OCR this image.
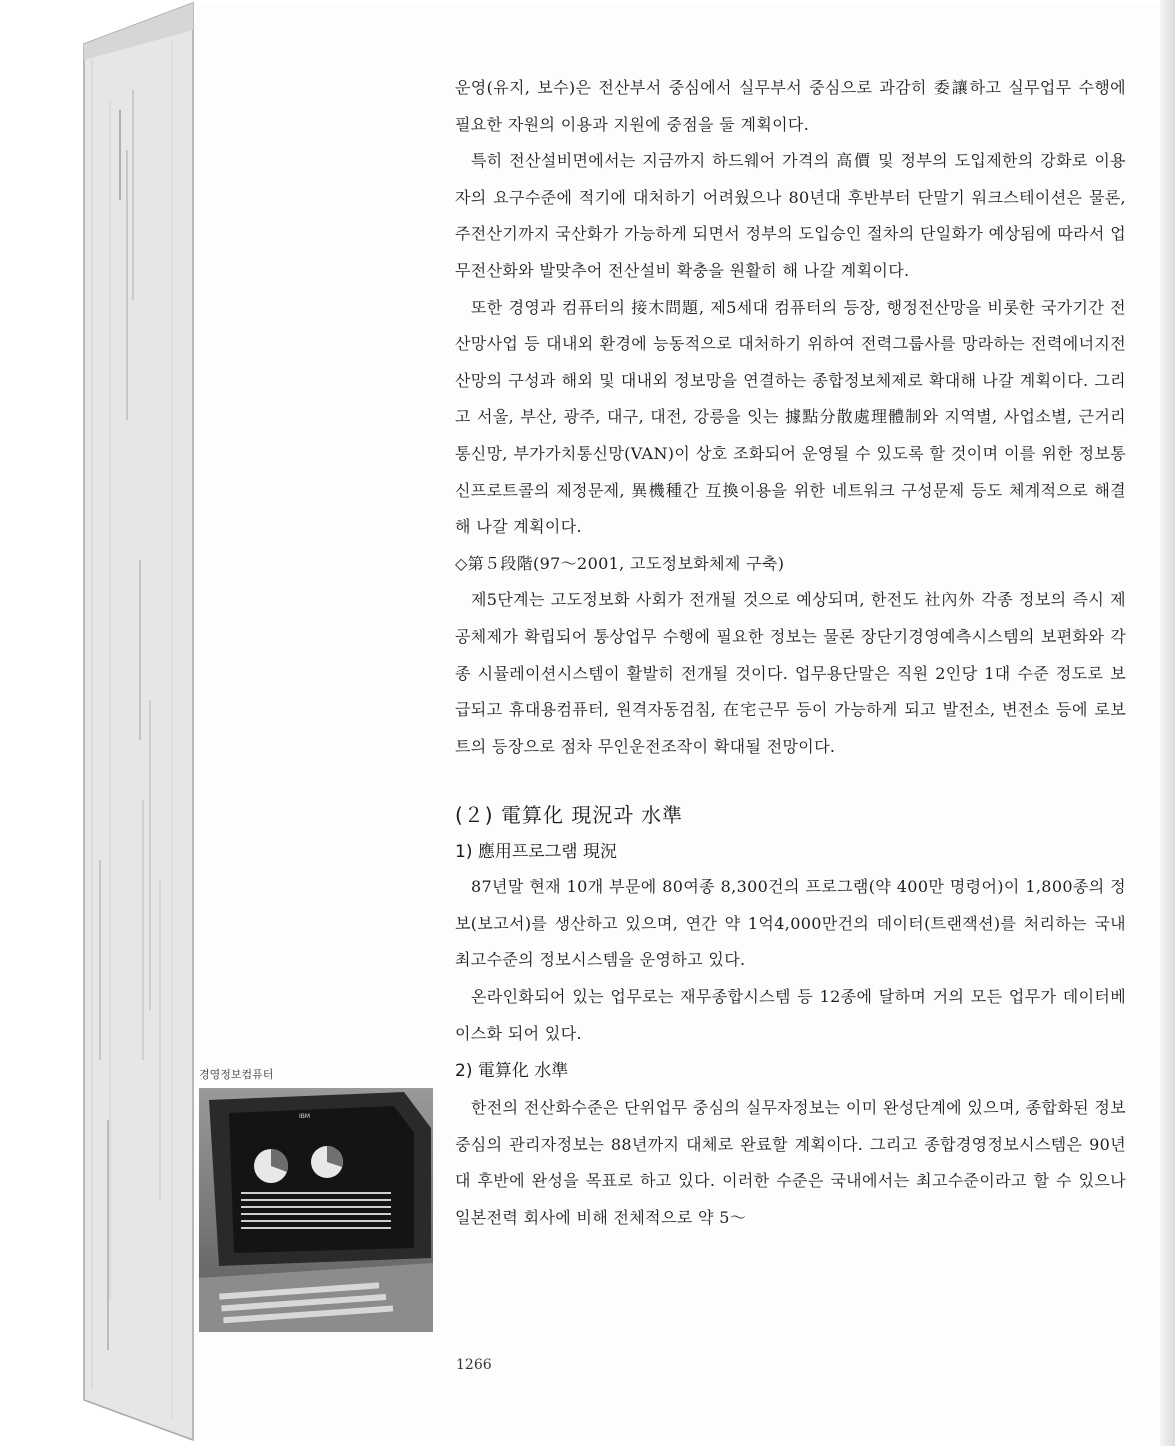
운영(유지, 보수)은 전산부서 중심에서 실무부서 중심으로 과감히 委讓하고 실무업무 수행에 필요한 자원의 이용과 지원에 중점을 둘 계획이다.

특히 전산설비면에서는 지금까지 하드웨어 가격의 高價 및 정부의 도입제한의 강화로 이용자의 요구수준에 적기에 대처하기 어려웠으나 80년대 후반부터 단말기 워크스테이션은 물론, 주전산기까지 국산화가 가능하게 되면서 정부의 도입승인 절차의 단일화가 예상됨에 따라서 업무전산화와 발맞추어 전산설비 확충을 원활히 해 나갈 계획이다.

또한 경영과 컴퓨터의 接木問題, 제5세대 컴퓨터의 등장, 행정전산망을 비롯한 국가기간 전산망사업 등 대내외 환경에 능동적으로 대처하기 위하여 전력그룹사를 망라하는 전력에너지전산망의 구성과 해외 및 대내외 정보망을 연결하는 종합정보체제로 확대해 나갈 계획이다. 그리고 서울, 부산, 광주, 대구, 대전, 강릉을 잇는 據點分散處理體制와 지역별, 사업소별, 근거리 통신망, 부가가치통신망(VAN)이 상호 조화되어 운영될 수 있도록 할 것이며 이를 위한 정보통신프로트콜의 제정문제, 異機種간 互換이용을 위한 네트워크 구성문제 등도 체계적으로 해결해 나갈 계획이다.

◇第５段階(97～2001, 고도정보화체제 구축)

제5단계는 고도정보화 사회가 전개될 것으로 예상되며, 한전도 社內外 각종 정보의 즉시 제공체제가 확립되어 통상업무 수행에 필요한 정보는 물론 장단기경영예측시스템의 보편화와 각종 시뮬레이션시스템이 활발히 전개될 것이다. 업무용단말은 직원 2인당 1대 수준 정도로 보급되고 휴대용컴퓨터, 원격자동검침, 在宅근무 등이 가능하게 되고 발전소, 변전소 등에 로보트의 등장으로 점차 무인운전조작이 확대될 전망이다.

(２) 電算化 現況과 水準

1) 應用프로그램 現況

87년말 현재 10개 부문에 80여종 8,300건의 프로그램(약 400만 명령어)이 1,800종의 정보(보고서)를 생산하고 있으며, 연간 약 1억4,000만건의 데이터(트랜잭션)를 처리하는 국내 최고수준의 정보시스템을 운영하고 있다.

온라인화되어 있는 업무로는 재무종합시스템 등 12종에 달하며 거의 모든 업무가 데이터베이스화 되어 있다.

2) 電算化 水準

한전의 전산화수준은 단위업무 중심의 실무자정보는 이미 완성단계에 있으며, 종합화된 정보중심의 관리자정보는 88년까지 대체로 완료할 계획이다. 그리고 종합경영정보시스템은 90년대 후반에 완성을 목표로 하고 있다. 이러한 수준은 국내에서는 최고수준이라고 할 수 있으나 일본전력 회사에 비해 전체적으로 약 5～

경영정보컴퓨터
IBM
1266
